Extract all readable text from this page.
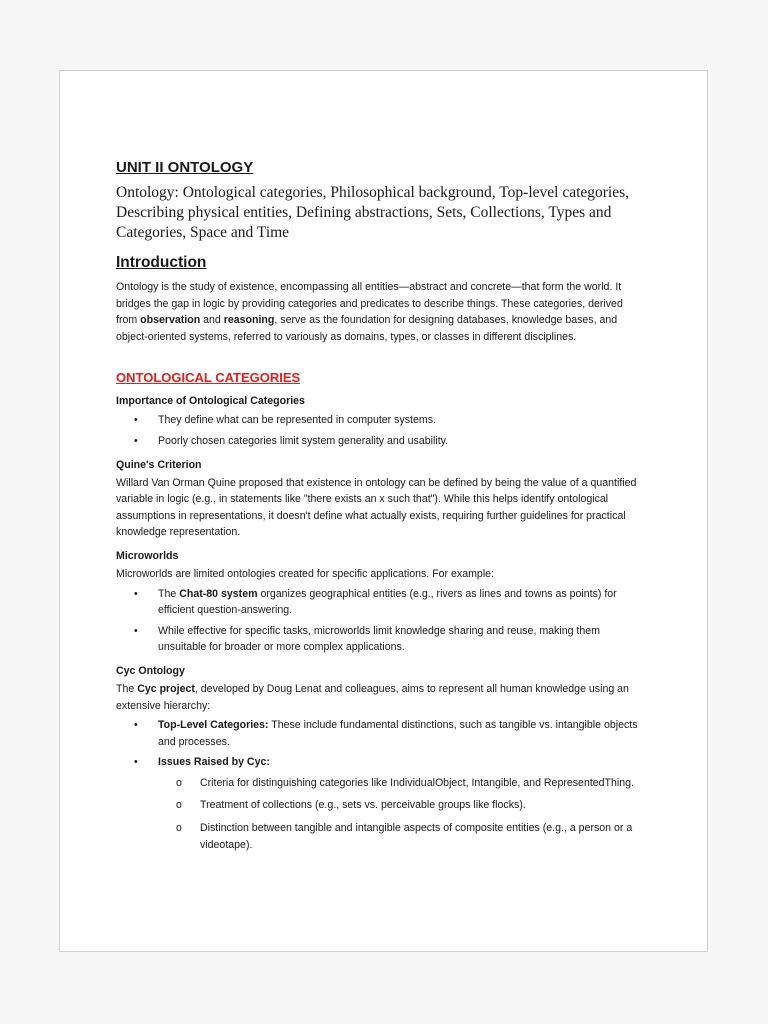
UNIT II ONTOLOGY

Ontology: Ontological categories, Philosophical background, Top-level categories, Describing physical entities, Defining abstractions, Sets, Collections, Types and Categories, Space and Time

Introduction

Ontology is the study of existence, encompassing all entities—abstract and concrete—that form the world. It bridges the gap in logic by providing categories and predicates to describe things. These categories, derived from observation and reasoning, serve as the foundation for designing databases, knowledge bases, and object-oriented systems, referred to variously as domains, types, or classes in different disciplines.

ONTOLOGICAL CATEGORIES
Importance of Ontological Categories
• They define what can be represented in computer systems.
• Poorly chosen categories limit system generality and usability.
Quine's Criterion

Willard Van Orman Quine proposed that existence in ontology can be defined by being the value of a quantified variable in logic (e.g., in statements like "there exists an x such that"). While this helps identify ontological assumptions in representations, it doesn't define what actually exists, requiring further guidelines for practical knowledge representation.

Microworlds

Microworlds are limited ontologies created for specific applications. For example:

• The Chat-80 system organizes geographical entities (e.g., rivers as lines and towns as points) for efficient question-answering.
• While effective for specific tasks, microworlds limit knowledge sharing and reuse, making them unsuitable for broader or more complex applications.
Cyc Ontology

The Cyc project, developed by Doug Lenat and colleagues, aims to represent all human knowledge using an extensive hierarchy:

• Top-Level Categories: These include fundamental distinctions, such as tangible vs. intangible objects and processes.
• Issues Raised by Cyc:
o Criteria for distinguishing categories like IndividualObject, Intangible, and RepresentedThing.
o Treatment of collections (e.g., sets vs. perceivable groups like flocks).
o Distinction between tangible and intangible aspects of composite entities (e.g., a person or a videotape).
